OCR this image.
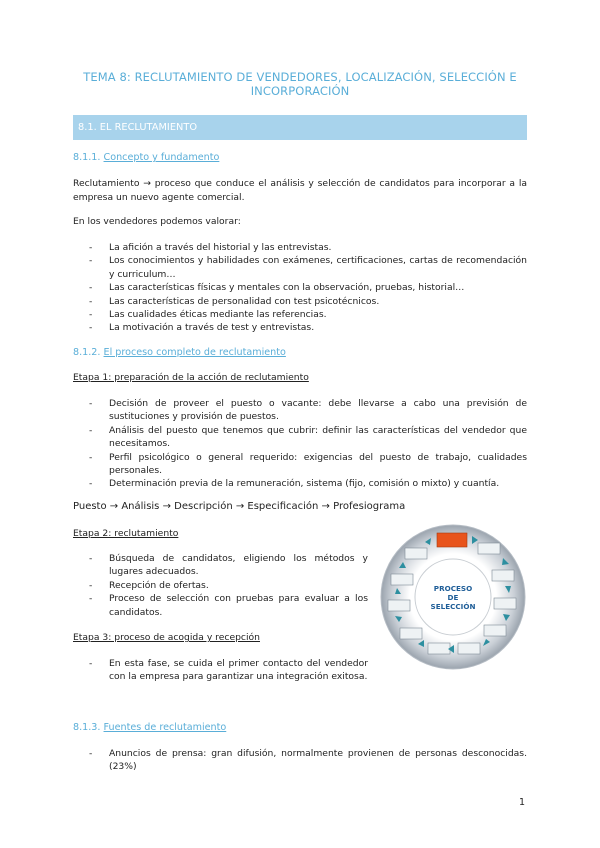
TEMA 8: RECLUTAMIENTO DE VENDEDORES, LOCALIZACIÓN, SELECCIÓN E INCORPORACIÓN
8.1. EL RECLUTAMIENTO
8.1.1. Concepto y fundamento
Reclutamiento → proceso que conduce el análisis y selección de candidatos para incorporar a la empresa un nuevo agente comercial.
En los vendedores podemos valorar:
- La afición a través del historial y las entrevistas.
- Los conocimientos y habilidades con exámenes, certificaciones, cartas de recomendación y curriculum…
- Las características físicas y mentales con la observación, pruebas, historial…
- Las características de personalidad con test psicotécnicos.
- Las cualidades éticas mediante las referencias.
- La motivación a través de test y entrevistas.
8.1.2. El proceso completo de reclutamiento
Etapa 1: preparación de la acción de reclutamiento
- Decisión de proveer el puesto o vacante: debe llevarse a cabo una previsión de sustituciones y provisión de puestos.
- Análisis del puesto que tenemos que cubrir: definir las características del vendedor que necesitamos.
- Perfil psicológico o general requerido: exigencias del puesto de trabajo, cualidades personales.
- Determinación previa de la remuneración, sistema (fijo, comisión o mixto) y cuantía.
Puesto → Análisis → Descripción → Especificación → Profesiograma
Etapa 2: reclutamiento
- Búsqueda de candidatos, eligiendo los métodos y lugares adecuados.
- Recepción de ofertas.
- Proceso de selección con pruebas para evaluar a los candidatos.
Etapa 3: proceso de acogida y recepción
- En esta fase, se cuida el primer contacto del vendedor con la empresa para garantizar una integración exitosa.
PROCESO
DE
SELECCIÓN
8.1.3. Fuentes de reclutamiento
- Anuncios de prensa: gran difusión, normalmente provienen de personas desconocidas. (23%)
1
